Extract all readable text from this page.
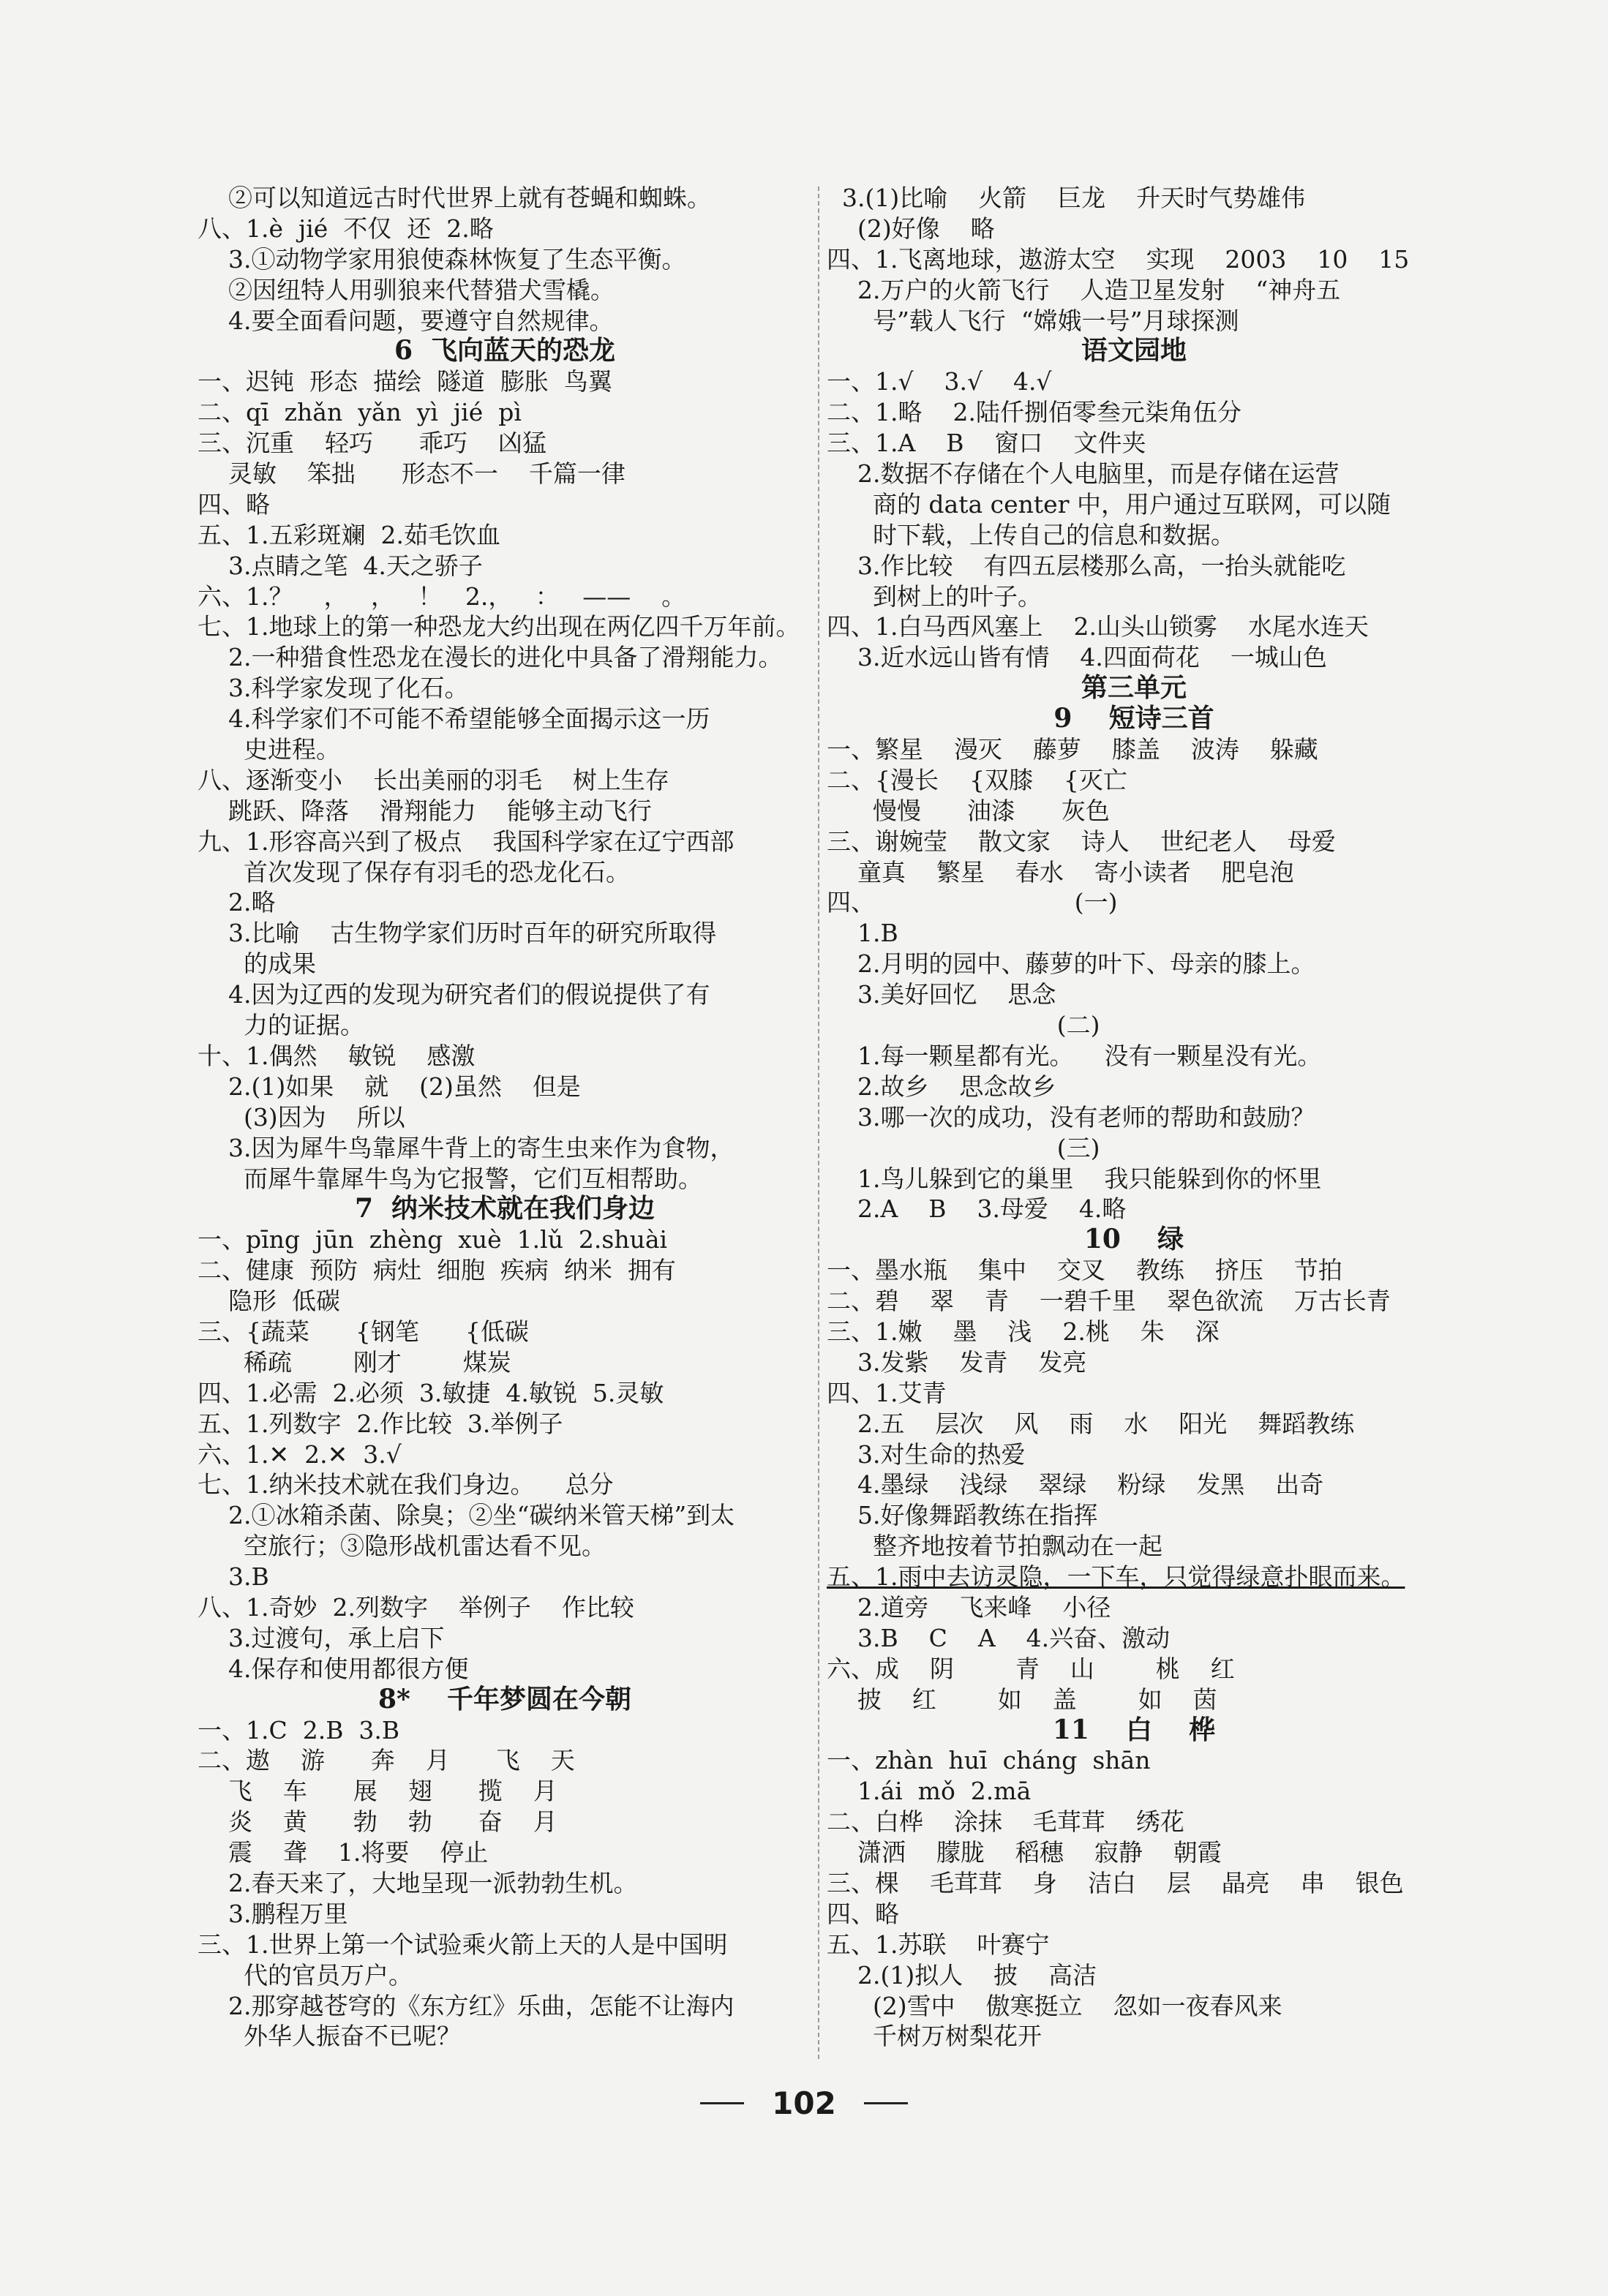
②可以知道远古时代世界上就有苍蝇和蜘蛛。
八、1.è  jié  不仅  还  2.略
3.①动物学家用狼使森林恢复了生态平衡。
②因纽特人用驯狼来代替猎犬雪橇。
4.要全面看问题，要遵守自然规律。
6  飞向蓝天的恐龙
一、迟钝  形态  描绘  隧道  膨胀  鸟翼
二、qī  zhǎn  yǎn  yì  jié  pì
三、沉重    轻巧      乖巧    凶猛
灵敏    笨拙      形态不一    千篇一律
四、略
五、1.五彩斑斓  2.茹毛饮血
3.点睛之笔  4.天之骄子
六、1.？    ，   ，   ！   2.，   ：   ——    。
七、1.地球上的第一种恐龙大约出现在两亿四千万年前。
2.一种猎食性恐龙在漫长的进化中具备了滑翔能力。
3.科学家发现了化石。
4.科学家们不可能不希望能够全面揭示这一历
史进程。
八、逐渐变小    长出美丽的羽毛    树上生存
跳跃、降落    滑翔能力    能够主动飞行
九、1.形容高兴到了极点    我国科学家在辽宁西部
首次发现了保存有羽毛的恐龙化石。
2.略
3.比喻    古生物学家们历时百年的研究所取得
的成果
4.因为辽西的发现为研究者们的假说提供了有
力的证据。
十、1.偶然    敏锐    感激
2.(1)如果    就    (2)虽然    但是
(3)因为    所以
3.因为犀牛鸟靠犀牛背上的寄生虫来作为食物，
而犀牛靠犀牛鸟为它报警，它们互相帮助。
7  纳米技术就在我们身边
一、pīng  jūn  zhèng  xuè  1.lǔ  2.shuài
二、健康  预防  病灶  细胞  疾病  纳米  拥有
隐形  低碳
三、{蔬菜      {钢笔      {低碳
稀疏        刚才        煤炭
四、1.必需  2.必须  3.敏捷  4.敏锐  5.灵敏
五、1.列数字  2.作比较  3.举例子
六、1.✕  2.✕  3.√
七、1.纳米技术就在我们身边。    总分
2.①冰箱杀菌、除臭；②坐“碳纳米管天梯”到太
空旅行；③隐形战机雷达看不见。
3.B
八、1.奇妙  2.列数字    举例子    作比较
3.过渡句，承上启下
4.保存和使用都很方便
8*    千年梦圆在今朝
一、1.C  2.B  3.B
二、遨    游      奔    月      飞    天
飞    车      展    翅      揽    月
炎    黄      勃    勃      奋    月
震    聋    1.将要    停止
2.春天来了，大地呈现一派勃勃生机。
3.鹏程万里
三、1.世界上第一个试验乘火箭上天的人是中国明
代的官员万户。
2.那穿越苍穹的《东方红》乐曲，怎能不让海内
外华人振奋不已呢？
3.(1)比喻    火箭    巨龙    升天时气势雄伟
(2)好像    略
四、1.飞离地球，遨游太空    实现    2003    10    15
2.万户的火箭飞行    人造卫星发射    “神舟五
号”载人飞行  “嫦娥一号”月球探测
语文园地
一、1.√    3.√    4.√
二、1.略    2.陆仟捌佰零叁元柒角伍分
三、1.A    B    窗口    文件夹
2.数据不存储在个人电脑里，而是存储在运营
商的 data center 中，用户通过互联网，可以随
时下载，上传自己的信息和数据。
3.作比较    有四五层楼那么高，一抬头就能吃
到树上的叶子。
四、1.白马西风塞上    2.山头山锁雾    水尾水连天
3.近水远山皆有情    4.四面荷花    一城山色
第三单元
9    短诗三首
一、繁星    漫灭    藤萝    膝盖    波涛    躲藏
二、{漫长    {双膝    {灭亡
慢慢      油漆      灰色
三、谢婉莹    散文家    诗人    世纪老人    母爱
童真    繁星    春水    寄小读者    肥皂泡
四、                          (一)
1.B
2.月明的园中、藤萝的叶下、母亲的膝上。
3.美好回忆    思念
(二)
1.每一颗星都有光。    没有一颗星没有光。
2.故乡    思念故乡
3.哪一次的成功，没有老师的帮助和鼓励？
(三)
1.鸟儿躲到它的巢里    我只能躲到你的怀里
2.A    B    3.母爱    4.略
10    绿
一、墨水瓶    集中    交叉    教练    挤压    节拍
二、碧    翠    青    一碧千里    翠色欲流    万古长青
三、1.嫩    墨    浅    2.桃    朱    深
3.发紫    发青    发亮
四、1.艾青
2.五    层次    风    雨    水    阳光    舞蹈教练
3.对生命的热爱
4.墨绿    浅绿    翠绿    粉绿    发黑    出奇
5.好像舞蹈教练在指挥
整齐地按着节拍飘动在一起
五、1.雨中去访灵隐，一下车，只觉得绿意扑眼而来。
2.道旁    飞来峰    小径
3.B    C    A    4.兴奋、激动
六、成    阴        青    山        桃    红
披    红        如    盖        如    茵
11    白    桦
一、zhàn  huī  cháng  shān
1.ái  mǒ  2.mā
二、白桦    涂抹    毛茸茸    绣花
潇洒    朦胧    稻穗    寂静    朝霞
三、棵    毛茸茸    身    洁白    层    晶亮    串    银色
四、略
五、1.苏联    叶赛宁
2.(1)拟人    披    高洁
(2)雪中    傲寒挺立    忽如一夜春风来
千树万树梨花开
102
